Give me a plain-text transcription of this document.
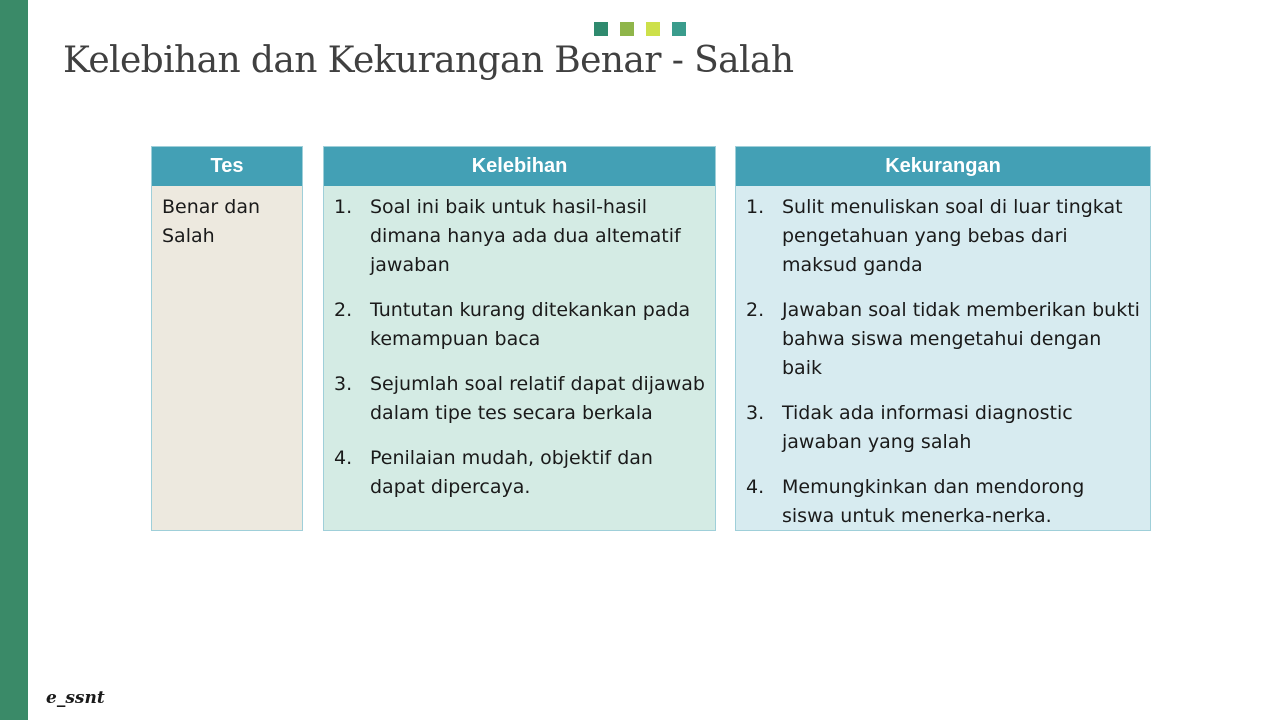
Kelebihan dan Kekurangan Benar - Salah
Tes
Benar dan Salah
Kelebihan
1. Soal ini baik untuk hasil-hasil dimana hanya ada dua altematif jawaban
2. Tuntutan kurang ditekankan pada kemampuan baca
3. Sejumlah soal relatif dapat dijawab dalam tipe tes secara berkala
4. Penilaian mudah, objektif dan dapat dipercaya.
Kekurangan
1. Sulit menuliskan soal di luar tingkat pengetahuan yang bebas dari maksud ganda
2. Jawaban soal tidak memberikan bukti bahwa siswa mengetahui dengan baik
3. Tidak ada informasi diagnostic jawaban yang salah
4. Memungkinkan dan mendorong siswa untuk menerka-nerka.
e_ssnt
